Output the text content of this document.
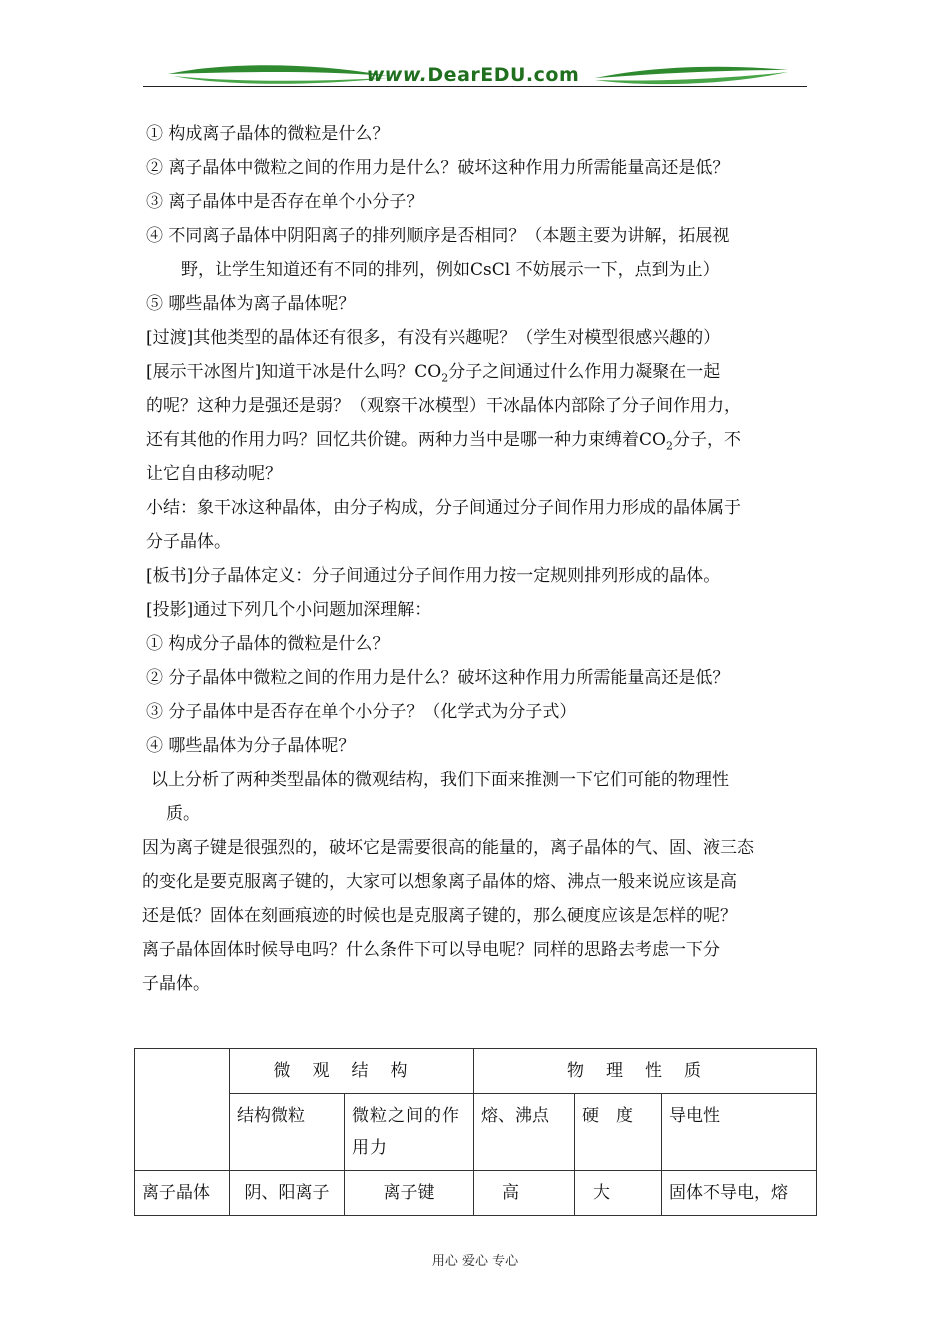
www.DearEDU.com

① 构成离子晶体的微粒是什么？

② 离子晶体中微粒之间的作用力是什么？破坏这种作用力所需能量高还是低？

③ 离子晶体中是否存在单个小分子？

④ 不同离子晶体中阴阳离子的排列顺序是否相同？（本题主要为讲解，拓展视

野，让学生知道还有不同的排列，例如CsCl 不妨展示一下，点到为止）

⑤ 哪些晶体为离子晶体呢？

[过渡]其他类型的晶体还有很多，有没有兴趣呢？（学生对模型很感兴趣的）

[展示干冰图片]知道干冰是什么吗？$CO_2$分子之间通过什么作用力凝聚在一起

的呢？这种力是强还是弱？（观察干冰模型）干冰晶体内部除了分子间作用力，

还有其他的作用力吗？回忆共价键。两种力当中是哪一种力束缚着$CO_2$分子，不

让它自由移动呢？

小结：象干冰这种晶体，由分子构成，分子间通过分子间作用力形成的晶体属于

分子晶体。

[板书]分子晶体定义：分子间通过分子间作用力按一定规则排列形成的晶体。

[投影]通过下列几个小问题加深理解：

① 构成分子晶体的微粒是什么？

② 分子晶体中微粒之间的作用力是什么？破坏这种作用力所需能量高还是低？

③ 分子晶体中是否存在单个小分子？（化学式为分子式）

④ 哪些晶体为分子晶体呢？

以上分析了两种类型晶体的微观结构，我们下面来推测一下它们可能的物理性

质。

因为离子键是很强烈的，破坏它是需要很高的能量的，离子晶体的气、固、液三态

的变化是要克服离子键的，大家可以想象离子晶体的熔、沸点一般来说应该是高

还是低？固体在刻画痕迹的时候也是克服离子键的，那么硬度应该是怎样的呢？

离子晶体固体时候导电吗？什么条件下可以导电呢？同样的思路去考虑一下分

子晶体。

	微观结构		物理性质		
	结构微粒	微粒之间的作用力	熔、沸点	硬　度	导电性
离子晶体	阴、阳离子	离子键	高	大	固体不导电，熔
用心 爱心 专心
